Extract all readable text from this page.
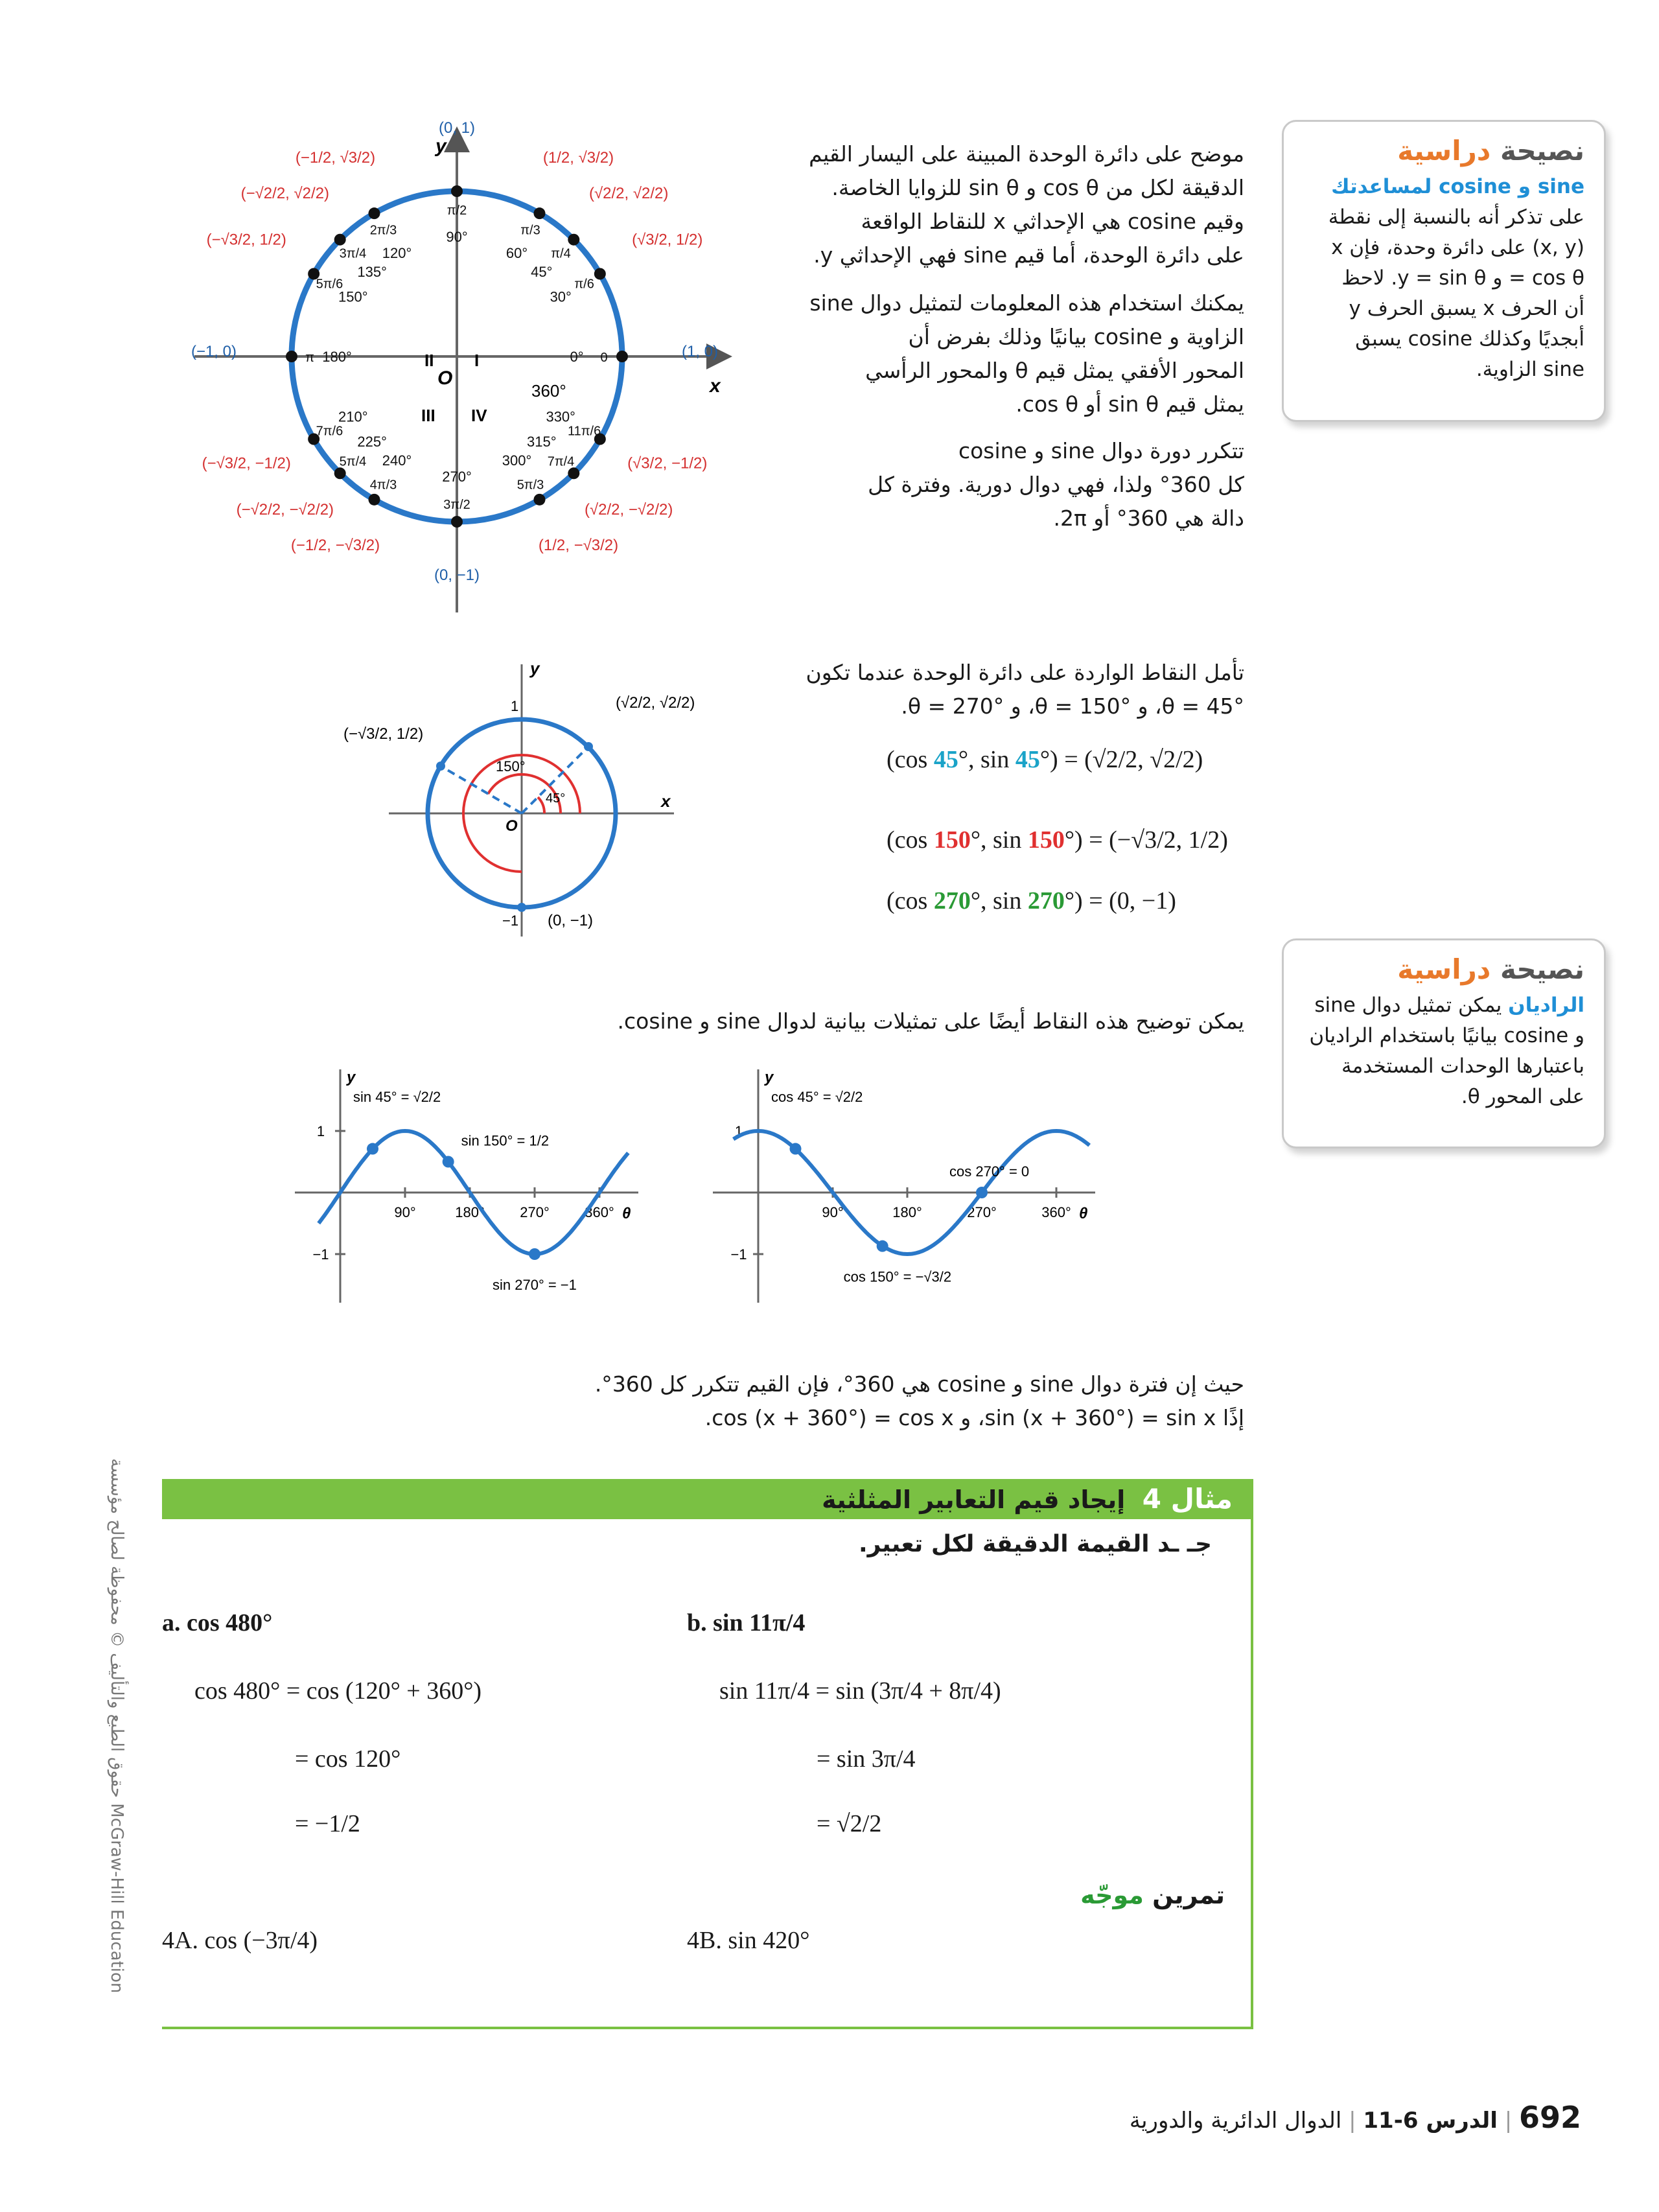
نصيحة دراسية
sine و cosine لمساعدتك
على تذكر أنه بالنسبة إلى نقطة
(x, y) على دائرة وحدة، فإن x
cos θ = و y = sin θ. لاحظ
أن الحرف x يسبق الحرف y
أبجديًا وكذلك cosine يسبق
sine الزاوية.
موضح على دائرة الوحدة المبينة على اليسار القيم
الدقيقة لكل من cos θ و sin θ للزوايا الخاصة.
وقيم cosine هي الإحداثي x للنقاط الواقعة
على دائرة الوحدة، أما قيم sine فهي الإحداثي y.
يمكنك استخدام هذه المعلومات لتمثيل دوال sine
الزاوية و cosine بيانيًا وذلك بفرض أن
المحور الأفقي يمثل قيم θ والمحور الرأسي
يمثل قيم sin θ أو cos θ.
تتكرر دورة دوال sine و cosine
كل 360° ولذا، فهي دوال دورية. وفترة كل
دالة هي 360° أو 2π.
(1, 0)
0° 0
(√3/2, 1/2)
30°
π/6
(√2/2, √2/2)
45°
π/4
(1/2, √3/2)
60°
π/3
(0, 1)
90°
π/2
(−1/2, √3/2)
120°
2π/3
(−√2/2, √2/2)
135°
3π/4
(−√3/2, 1/2)
150°
5π/6
(−1, 0)	180°
π
(−√3/2, −1/2)
210°
7π/6
(−√2/2, −√2/2)
225°
5π/4
(−1/2, −√3/2)
240°
4π/3
(0, −1)
270°
3π/2
(1/2, −√3/2)
300°
5π/3
(√2/2, −√2/2)
315°
7π/4	(√3/2, −1/2)
330°
11π/6
x
y
O
I
II
III IV
360°
تأمل النقاط الواردة على دائرة الوحدة عندما تكون
θ = 45°، و θ = 150°، و θ = 270°.
(cos 45°, sin 45°) = (√2/2, √2/2)
(cos 150°, sin 150°) = (−√3/2, 1/2)
(cos 270°, sin 270°) = (0, −1)
(√2/2, √2/2)
(−√3/2, 1/2)
(0, −1)
150°
45°
1
−1
x
y
O
نصيحة دراسية
الراديان يمكن تمثيل دوال sine
و cosine بيانيًا باستخدام الراديان
باعتبارها الوحدات المستخدمة
على المحور θ.
يمكن توضيح هذه النقاط أيضًا على تمثيلات بيانية لدوال sine و cosine.
y
θ
90°	180° 270° 360°
1
−1
sin 45° = √2/2
sin 150° = 1/2
sin 270° = −1
y
θ
90°	180°	270°	360°
1
−1
cos 45° = √2/2
cos 150° = −√3/2
cos 270° = 0
حيث إن فترة دوال sine و cosine هي 360°، فإن القيم تتكرر كل 360°.
إذًا sin (x + 360°) = sin x، و cos (x + 360°) = cos x.
مثال 4  إيجاد قيم التعابير المثلثية
جـ ـد القيمة الدقيقة لكل تعبير.
a. cos 480°
cos 480° = cos (120° + 360°)
= cos 120°
= −1/2
b. sin 11π/4
sin 11π/4 = sin (3π/4 + 8π/4)
= sin 3π/4
= √2/2
تمرين موجّه
4A. cos (−3π/4)	4B. sin 420°
حقوق الطبع والتأليف © محفوظة لصالح مؤسسة McGraw-Hill Education
692 | الدرس 6-11 | الدوال الدائرية والدورية
